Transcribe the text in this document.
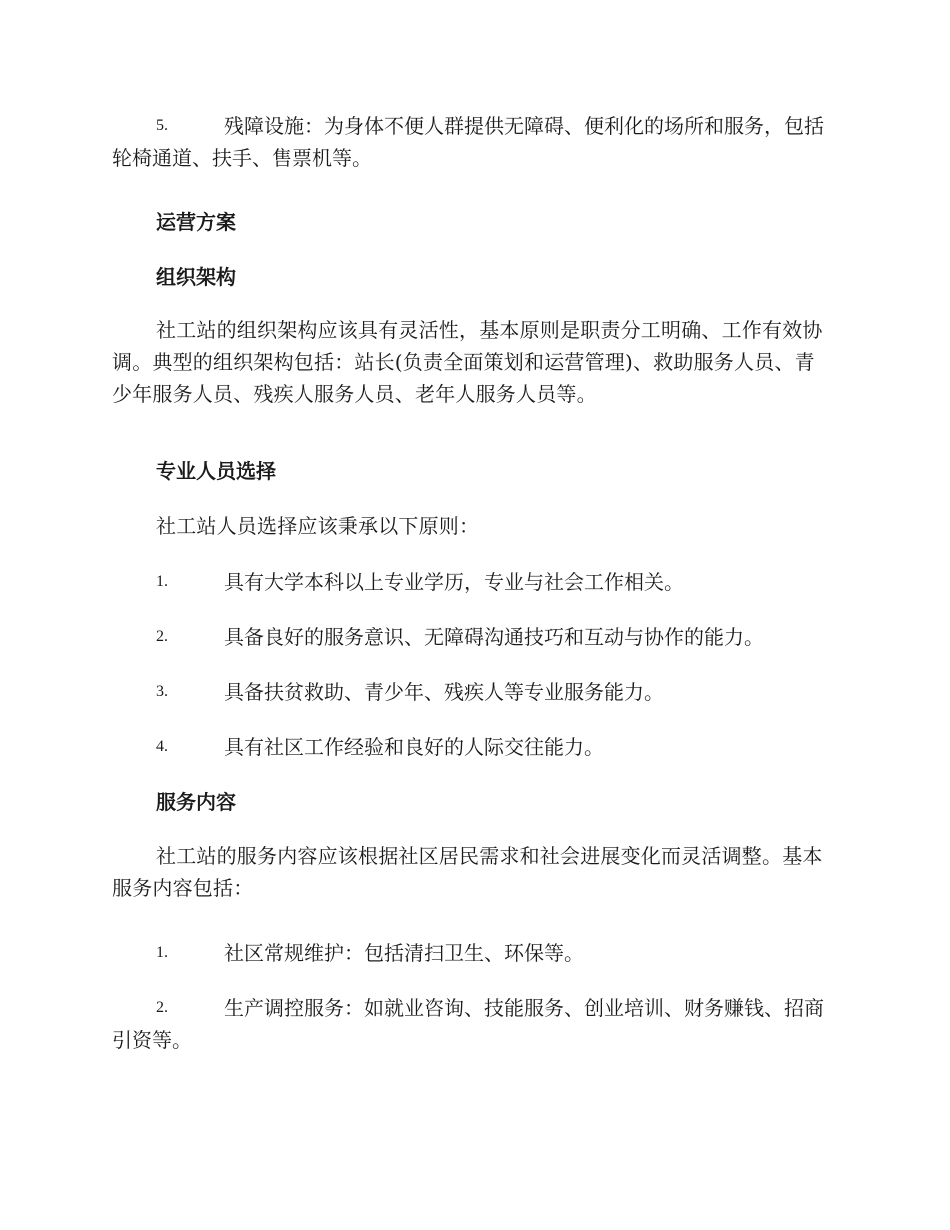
5.	残障设施：为身体不便人群提供无障碍、便利化的场所和服务，包括轮椅通道、扶手、售票机等。
运营方案
组织架构
社工站的组织架构应该具有灵活性，基本原则是职责分工明确、工作有效协调。典型的组织架构包括：站长(负责全面策划和运营管理)、救助服务人员、青少年服务人员、残疾人服务人员、老年人服务人员等。
专业人员选择
社工站人员选择应该秉承以下原则：
1.	具有大学本科以上专业学历，专业与社会工作相关。
2.	具备良好的服务意识、无障碍沟通技巧和互动与协作的能力。
3.	具备扶贫救助、青少年、残疾人等专业服务能力。
4.	具有社区工作经验和良好的人际交往能力。
服务内容
社工站的服务内容应该根据社区居民需求和社会进展变化而灵活调整。基本服务内容包括：
1.	社区常规维护：包括清扫卫生、环保等。
2.	生产调控服务：如就业咨询、技能服务、创业培训、财务赚钱、招商引资等。
